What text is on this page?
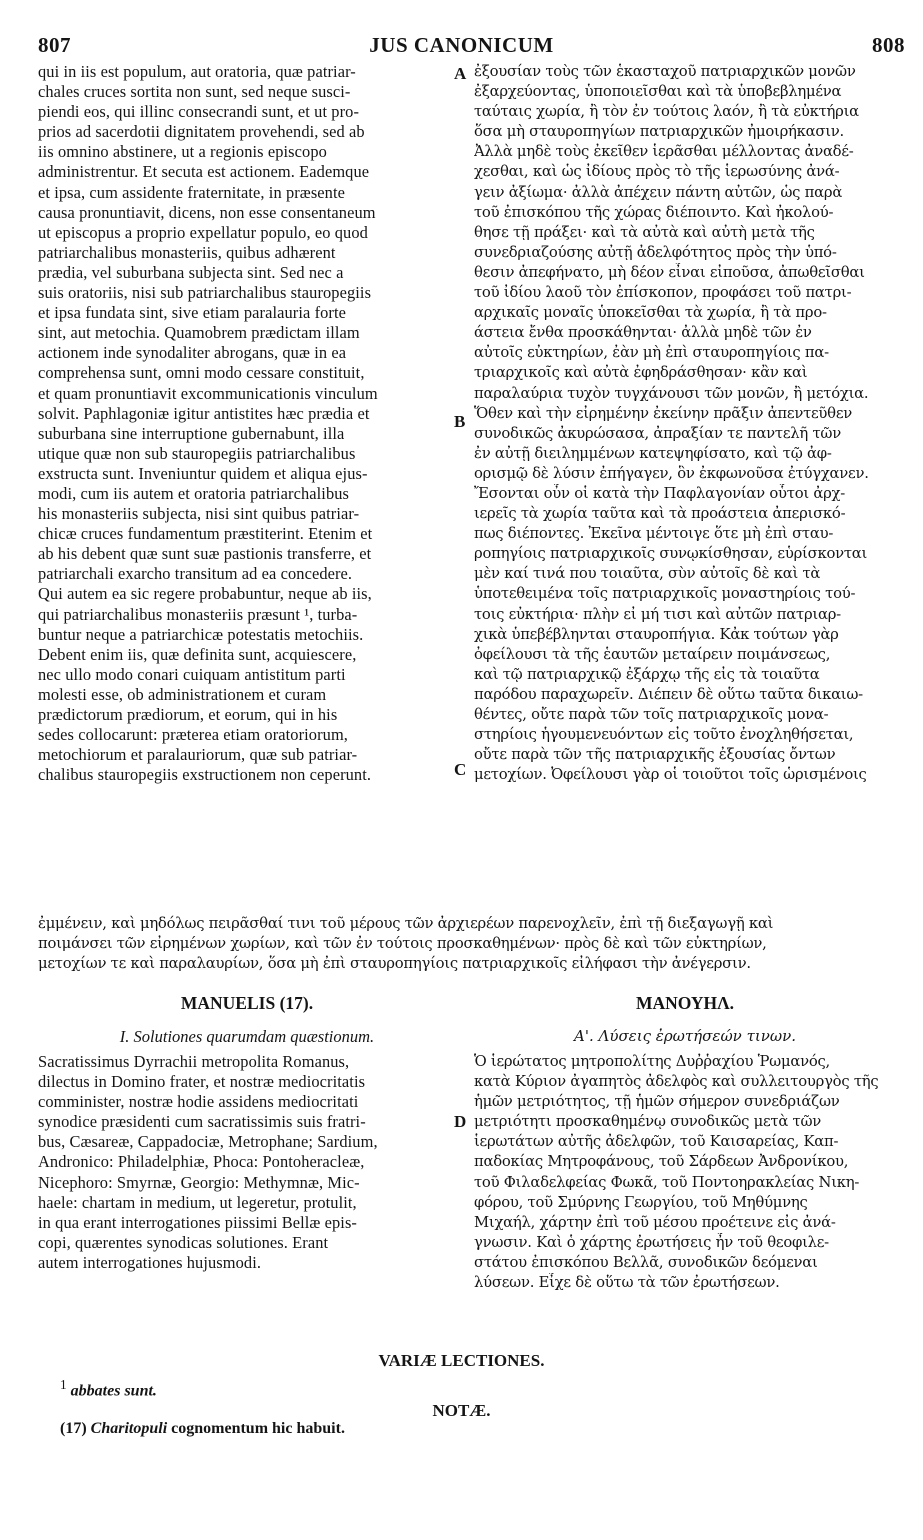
807	JUS CANONICUM	808
qui in iis est populum, aut oratoria, quæ patriar-
chales cruces sortita non sunt, sed neque susci-
piendi eos, qui illinc consecrandi sunt, et ut pro-
prios ad sacerdotii dignitatem provehendi, sed ab
iis omnino abstinere, ut a regionis episcopo
administrentur. Et secuta est actionem. Eademque
et ipsa, cum assidente fraternitate, in præsente
causa pronuntiavit, dicens, non esse consentaneum
ut episcopus a proprio expellatur populo, eo quod
patriarchalibus monasteriis, quibus adhærent
prædia, vel suburbana subjecta sint. Sed nec a
suis oratoriis, nisi sub patriarchalibus stauropegiis
et ipsa fundata sint, sive etiam paralauria forte
sint, aut metochia. Quamobrem prædictam illam
actionem inde synodaliter abrogans, quæ in ea
comprehensa sunt, omni modo cessare constituit,
et quam pronuntiavit excommunicationis vinculum
solvit. Paphlagoniæ igitur antistites hæc prædia et
suburbana sine interruptione gubernabunt, illa
utique quæ non sub stauropegiis patriarchalibus
exstructa sunt. Inveniuntur quidem et aliqua ejus-
modi, cum iis autem et oratoria patriarchalibus
his monasteriis subjecta, nisi sint quibus patriar-
chicæ cruces fundamentum præstiterint. Etenim et
ab his debent quæ sunt suæ pastionis transferre, et
patriarchali exarcho transitum ad ea concedere.
Qui autem ea sic regere probabuntur, neque ab iis,
qui patriarchalibus monasteriis præsunt ¹, turba-
buntur neque a patriarchicæ potestatis metochiis.
Debent enim iis, quæ definita sunt, acquiescere,
nec ullo modo conari cuiquam antistitum parti
molesti esse, ob administrationem et curam
prædictorum prædiorum, et eorum, qui in his
sedes collocarunt: præterea etiam oratoriorum,
metochiorum et paralauriorum, quæ sub patriar-
chalibus stauropegiis exstructionem non ceperunt.
ἐξουσίαν τοὺς τῶν ἑκασταχοῦ πατριαρχικῶν μονῶν
ἐξαρχεύοντας, ὑποποιεῖσθαι καὶ τὰ ὑποβεβλημένα
ταύταις χωρία, ἢ τὸν ἐν τούτοις λαόν, ἢ τὰ εὐκτήρια
ὅσα μὴ σταυροπηγίων πατριαρχικῶν ἠμοιρήκασιν.
Ἀλλὰ μηδὲ τοὺς ἐκεῖθεν ἱερᾶσθαι μέλλοντας ἀναδέ-
χεσθαι, καὶ ὡς ἰδίους πρὸς τὸ τῆς ἱερωσύνης ἀνά-
γειν ἀξίωμα· ἀλλὰ ἀπέχειν πάντη αὐτῶν, ὡς παρὰ
τοῦ ἐπισκόπου τῆς χώρας διέποιντο. Καὶ ἠκολού-
θησε τῇ πράξει· καὶ τὰ αὐτὰ καὶ αὐτὴ μετὰ τῆς
συνεδριαζούσης αὐτῇ ἀδελφότητος πρὸς τὴν ὑπό-
θεσιν ἀπεφήνατο, μὴ δέον εἶναι εἰποῦσα, ἀπωθεῖσθαι
τοῦ ἰδίου λαοῦ τὸν ἐπίσκοπον, προφάσει τοῦ πατρι-
αρχικαῖς μοναῖς ὑποκεῖσθαι τὰ χωρία, ἢ τὰ προ-
άστεια ἔνθα προσκάθηνται· ἀλλὰ μηδὲ τῶν ἐν
αὐτοῖς εὐκτηρίων, ἐὰν μὴ ἐπὶ σταυροπηγίοις πα-
τριαρχικοῖς καὶ αὐτὰ ἐφηδράσθησαν· κἂν καὶ
παραλαύρια τυχὸν τυγχάνουσι τῶν μονῶν, ἢ μετόχια.
Ὅθεν καὶ τὴν εἰρημένην ἐκείνην πρᾶξιν ἀπεντεῦθεν
συνοδικῶς ἀκυρώσασα, ἀπραξίαν τε παντελῆ τῶν
ἐν αὐτῇ διειλημμένων κατεψηφίσατο, καὶ τῷ ἀφ-
ορισμῷ δὲ λύσιν ἐπήγαγεν, ὃν ἐκφωνοῦσα ἐτύγχανεν.
Ἔσονται οὖν οἱ κατὰ τὴν Παφλαγονίαν οὗτοι ἀρχ-
ιερεῖς τὰ χωρία ταῦτα καὶ τὰ προάστεια ἀπερισκό-
πως διέποντες. Ἐκεῖνα μέντοιγε ὅτε μὴ ἐπὶ σταυ-
ροπηγίοις πατριαρχικοῖς συνῳκίσθησαν, εὑρίσκονται
μὲν καί τινά που τοιαῦτα, σὺν αὐτοῖς δὲ καὶ τὰ
ὑποτεθειμένα τοῖς πατριαρχικοῖς μοναστηρίοις τού-
τοις εὐκτήρια· πλὴν εἰ μή τισι καὶ αὐτῶν πατριαρ-
χικὰ ὑπεβέβληνται σταυροπήγια. Κἀκ τούτων γὰρ
ὀφείλουσι τὰ τῆς ἑαυτῶν μεταίρειν ποιμάνσεως,
καὶ τῷ πατριαρχικῷ ἐξάρχῳ τῆς εἰς τὰ τοιαῦτα
παρόδου παραχωρεῖν. Διέπειν δὲ οὕτω ταῦτα δικαιω-
θέντες, οὔτε παρὰ τῶν τοῖς πατριαρχικοῖς μονα-
στηρίοις ἡγουμενευόντων εἰς τοῦτο ἐνοχληθήσεται,
οὔτε παρὰ τῶν τῆς πατριαρχικῆς ἐξουσίας ὄντων
μετοχίων. Ὀφείλουσι γὰρ οἱ τοιοῦτοι τοῖς ὡρισμένοις
A
B
C
D
ἐμμένειν, καὶ μηδόλως πειρᾶσθαί τινι τοῦ μέρους τῶν ἀρχιερέων παρενοχλεῖν, ἐπὶ τῇ διεξαγωγῇ καὶ
ποιμάνσει τῶν εἰρημένων χωρίων, καὶ τῶν ἐν τούτοις προσκαθημένων· πρὸς δὲ καὶ τῶν εὐκτηρίων,
μετοχίων τε καὶ παραλαυρίων, ὅσα μὴ ἐπὶ σταυροπηγίοις πατριαρχικοῖς εἰλήφασι τὴν ἀνέγερσιν.
MANUELIS (17).	ΜΑΝΟΥΗΛ.
I. Solutiones quarumdam quæstionum.	Α'. Λύσεις ἐρωτήσεών τινων.
Sacratissimus Dyrrachii metropolita Romanus,
dilectus in Domino frater, et nostræ mediocritatis
comminister, nostræ hodie assidens mediocritati
synodice præsidenti cum sacratissimis suis fratri-
bus, Cæsareæ, Cappadociæ, Metrophane; Sardium,
Andronico: Philadelphiæ, Phoca: Pontoheracleæ,
Nicephoro: Smyrnæ, Georgio: Methymnæ, Mic-
haele: chartam in medium, ut legeretur, protulit,
in qua erant interrogationes piissimi Bellæ epis-
copi, quærentes synodicas solutiones. Erant
autem interrogationes hujusmodi.
Ὁ ἱερώτατος μητροπολίτης Δυῤῥαχίου Ῥωμανός,
κατὰ Κύριον ἀγαπητὸς ἀδελφὸς καὶ συλλειτουργὸς τῆς
ἡμῶν μετριότητος, τῇ ἡμῶν σήμερον συνεδριάζων
μετριότητι προσκαθημένῳ συνοδικῶς μετὰ τῶν
ἱερωτάτων αὐτῆς ἀδελφῶν, τοῦ Καισαρείας, Καπ-
παδοκίας Μητροφάνους, τοῦ Σάρδεων Ἀνδρονίκου,
τοῦ Φιλαδελφείας Φωκᾶ, τοῦ Ποντοηρακλείας Νικη-
φόρου, τοῦ Σμύρνης Γεωργίου, τοῦ Μηθύμνης
Μιχαήλ, χάρτην ἐπὶ τοῦ μέσου προέτεινε εἰς ἀνά-
γνωσιν. Καὶ ὁ χάρτης ἐρωτήσεις ἦν τοῦ θεοφιλε-
στάτου ἐπισκόπου Βελλᾶ, συνοδικῶν δεόμεναι
λύσεων. Εἶχε δὲ οὕτω τὰ τῶν ἐρωτήσεων.
VARIÆ LECTIONES.
$^1$ abbates sunt.
NOTÆ.
(17) Charitopuli cognomentum hic habuit.
